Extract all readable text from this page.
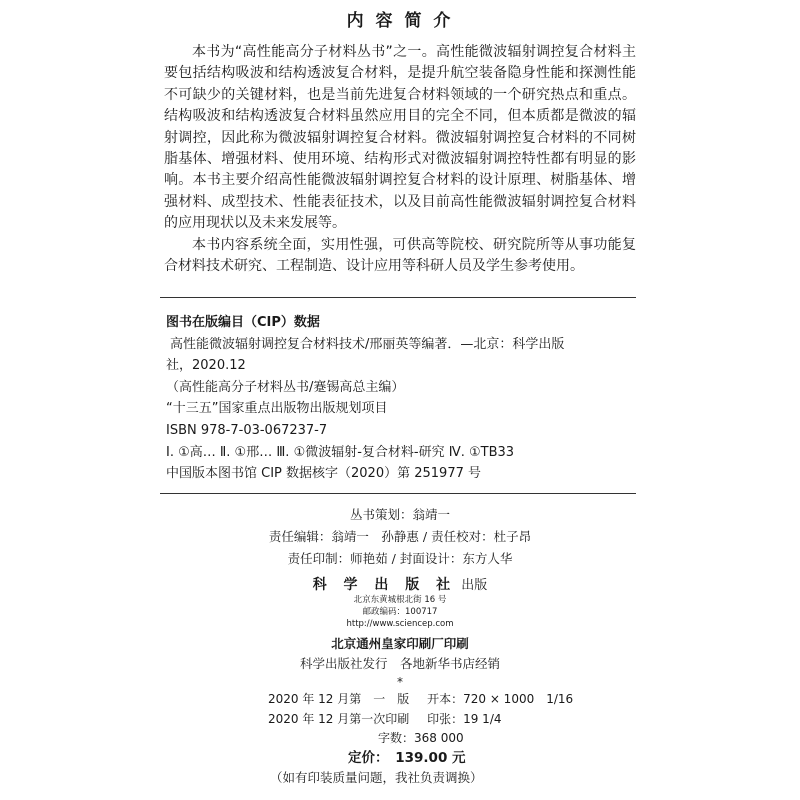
内 容 简 介

本书为“高性能高分子材料丛书”之一。高性能微波辐射调控复合材料主要包括结构吸波和结构透波复合材料，是提升航空装备隐身性能和探测性能不可缺少的关键材料，也是当前先进复合材料领域的一个研究热点和重点。结构吸波和结构透波复合材料虽然应用目的完全不同，但本质都是微波的辐射调控，因此称为微波辐射调控复合材料。微波辐射调控复合材料的不同树脂基体、增强材料、使用环境、结构形式对微波辐射调控特性都有明显的影响。本书主要介绍高性能微波辐射调控复合材料的设计原理、树脂基体、增强材料、成型技术、性能表征技术，以及目前高性能微波辐射调控复合材料的应用现状以及未来发展等。

本书内容系统全面，实用性强，可供高等院校、研究院所等从事功能复合材料技术研究、工程制造、设计应用等科研人员及学生参考使用。

图书在版编目（CIP）数据
高性能微波辐射调控复合材料技术/邢丽英等编著．—北京：科学出版
社，2020.12
（高性能高分子材料丛书/蹇锡高总主编）
“十三五”国家重点出版物出版规划项目
ISBN 978-7-03-067237-7
Ⅰ. ①高… Ⅱ. ①邢… Ⅲ. ①微波辐射-复合材料-研究 Ⅳ. ①TB33
中国版本图书馆 CIP 数据核字（2020）第 251977 号
丛书策划：翁靖一
责任编辑：翁靖一　孙静惠 / 责任校对：杜子昂
责任印制：师艳茹 / 封面设计：东方人华
科 学 出 版 社 出版
北京东黄城根北街 16 号
邮政编码：100717
http://www.sciencep.com
北京通州皇家印刷厂印刷
科学出版社发行　各地新华书店经销
*
2020 年 12 月第　一　版 开本：720 × 1000　1/16
2020 年 12 月第一次印刷 印张：19 1/4
字数：368 000
定价：　139.00 元
（如有印装质量问题，我社负责调换）
